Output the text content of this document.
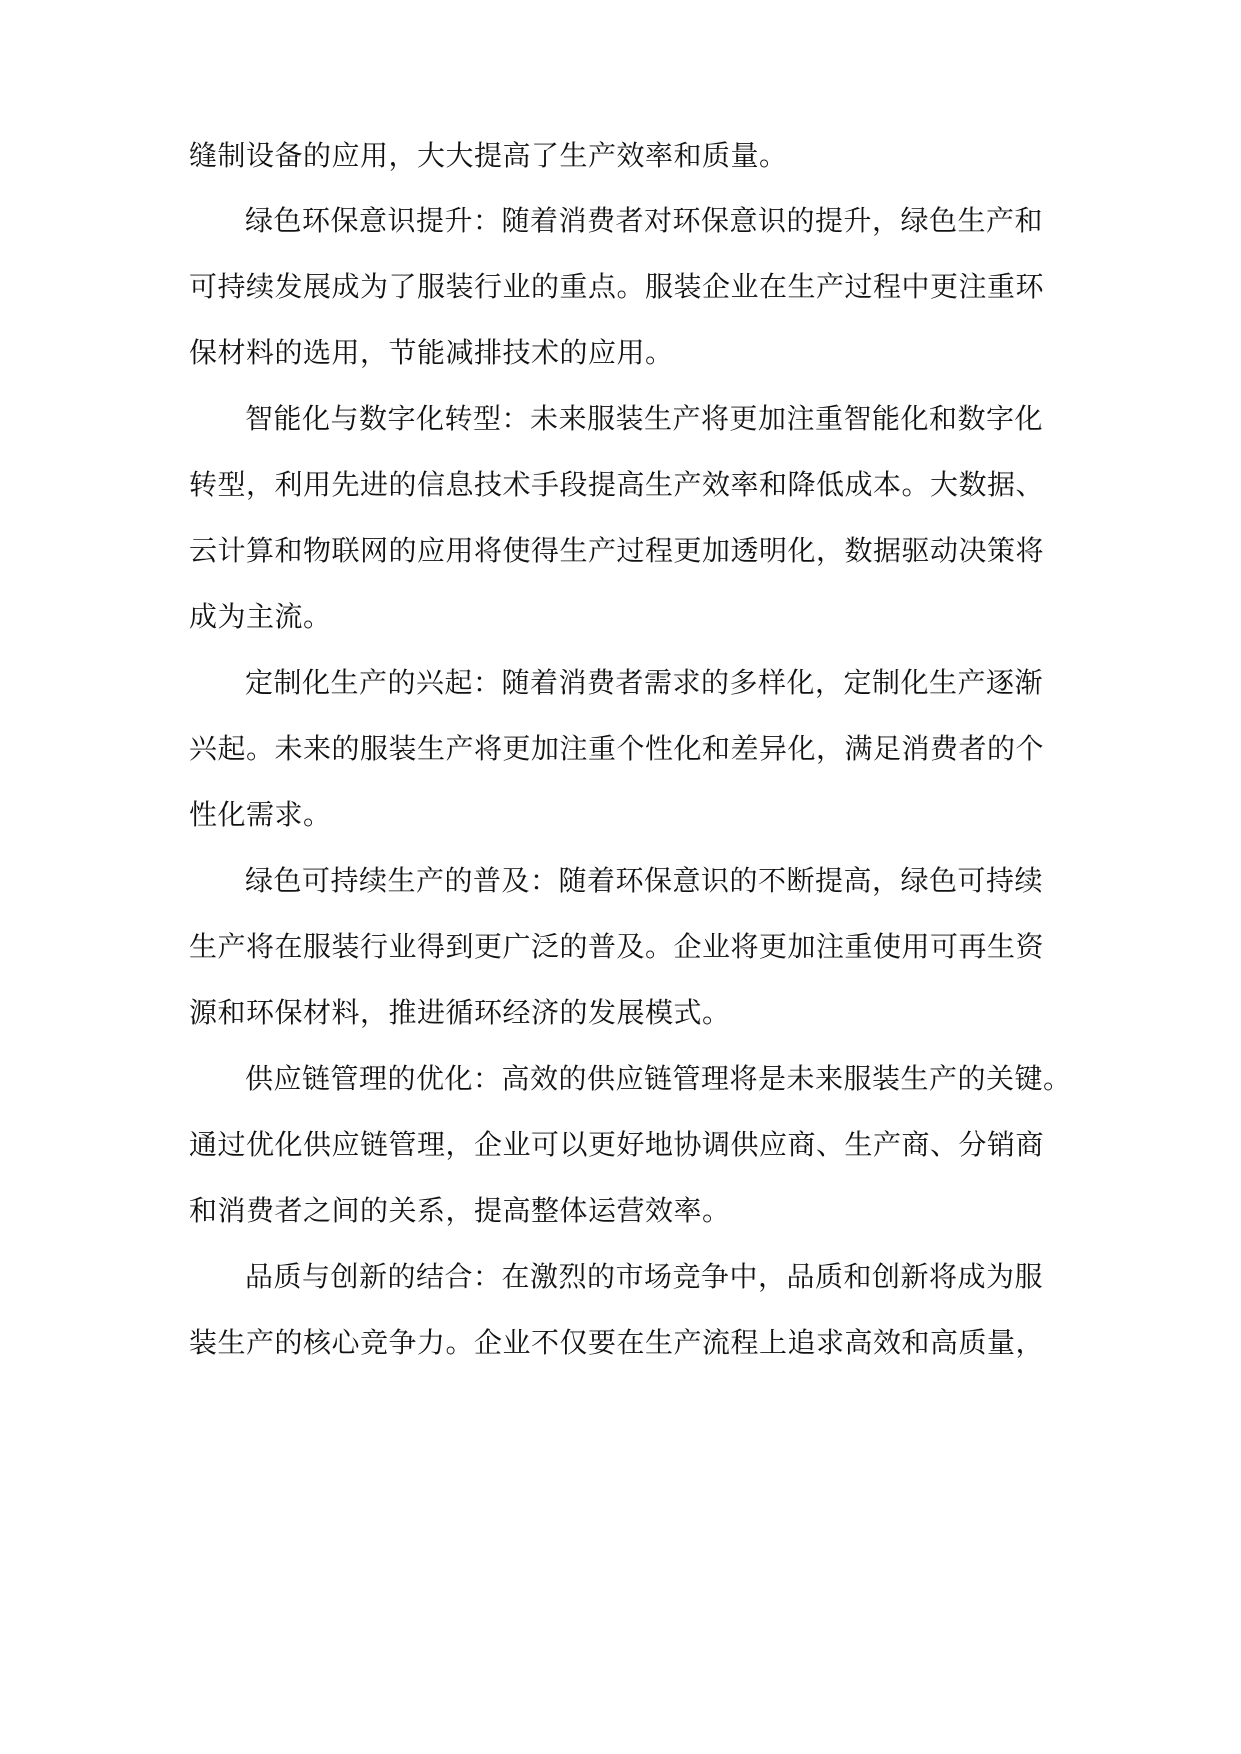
缝制设备的应用，大大提高了生产效率和质量。
绿色环保意识提升：随着消费者对环保意识的提升，绿色生产和
可持续发展成为了服装行业的重点。服装企业在生产过程中更注重环
保材料的选用，节能减排技术的应用。
智能化与数字化转型：未来服装生产将更加注重智能化和数字化
转型，利用先进的信息技术手段提高生产效率和降低成本。大数据、
云计算和物联网的应用将使得生产过程更加透明化，数据驱动决策将
成为主流。
定制化生产的兴起：随着消费者需求的多样化，定制化生产逐渐
兴起。未来的服装生产将更加注重个性化和差异化，满足消费者的个
性化需求。
绿色可持续生产的普及：随着环保意识的不断提高，绿色可持续
生产将在服装行业得到更广泛的普及。企业将更加注重使用可再生资
源和环保材料，推进循环经济的发展模式。
供应链管理的优化：高效的供应链管理将是未来服装生产的关键。
通过优化供应链管理，企业可以更好地协调供应商、生产商、分销商
和消费者之间的关系，提高整体运营效率。
品质与创新的结合：在激烈的市场竞争中，品质和创新将成为服
装生产的核心竞争力。企业不仅要在生产流程上追求高效和高质量，
